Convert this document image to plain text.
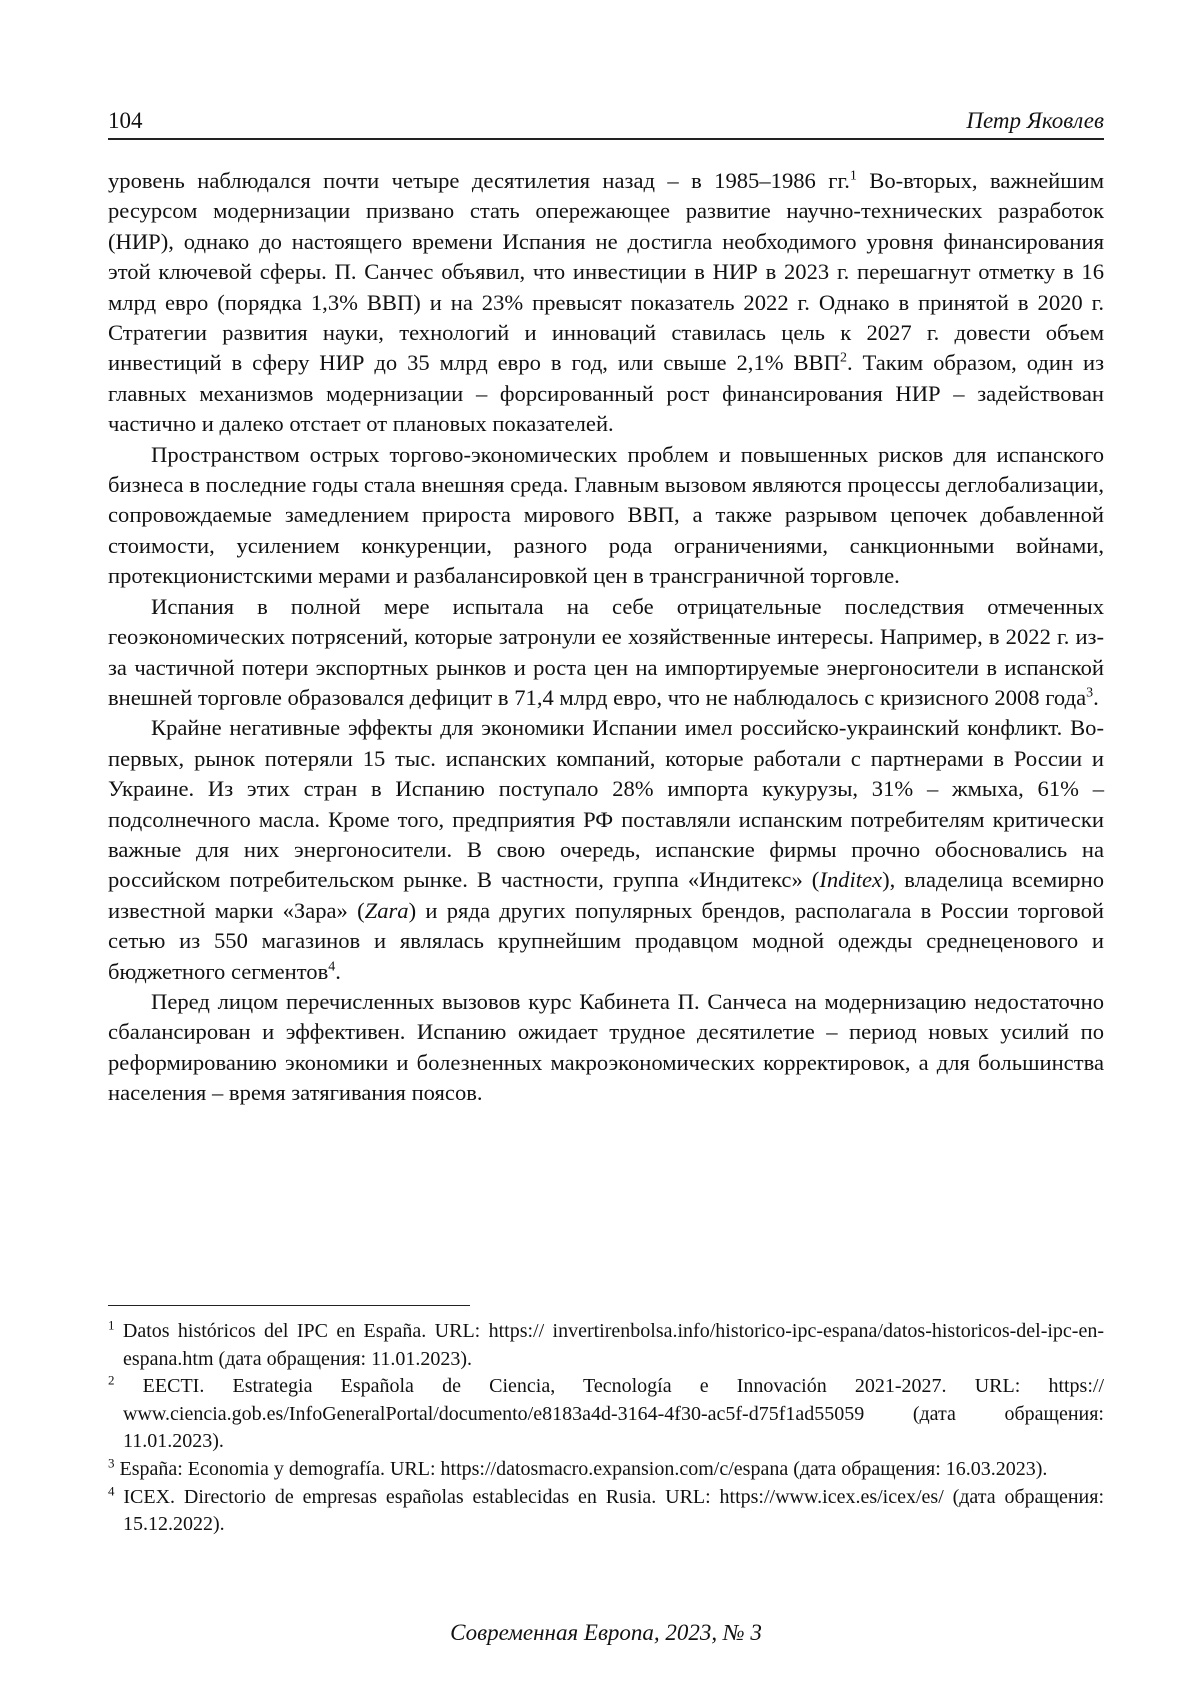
104	Петр Яковлев

уровень наблюдался почти четыре десятилетия назад – в 1985–1986 гг.$^1$ Во-вторых, важнейшим ресурсом модернизации призвано стать опережающее развитие научно-технических разработок (НИР), однако до настоящего времени Испания не достигла необходимого уровня финансирования этой ключевой сферы. П. Санчес объявил, что инвестиции в НИР в 2023 г. перешагнут отметку в 16 млрд евро (порядка 1,3% ВВП) и на 23% превысят показатель 2022 г. Однако в принятой в 2020 г. Стратегии развития науки, технологий и инноваций ставилась цель к 2027 г. довести объем инвестиций в сферу НИР до 35 млрд евро в год, или свыше 2,1% ВВП$^2$. Таким образом, один из главных механизмов модернизации – форсированный рост финансирования НИР – задействован частично и далеко отстает от плановых показателей.

Пространством острых торгово-экономических проблем и повышенных рисков для испанского бизнеса в последние годы стала внешняя среда. Главным вызовом являются процессы деглобализации, сопровождаемые замедлением прироста мирового ВВП, а также разрывом цепочек добавленной стоимости, усилением конкуренции, разного рода ограничениями, санкционными войнами, протекционистскими мерами и разбалансировкой цен в трансграничной торговле.

Испания в полной мере испытала на себе отрицательные последствия отмеченных геоэкономических потрясений, которые затронули ее хозяйственные интересы. Например, в 2022 г. из-за частичной потери экспортных рынков и роста цен на импортируемые энергоносители в испанской внешней торговле образовался дефицит в 71,4 млрд евро, что не наблюдалось с кризисного 2008 года$^3$.

Крайне негативные эффекты для экономики Испании имел российско-украинский конфликт. Во-первых, рынок потеряли 15 тыс. испанских компаний, которые работали с партнерами в России и Украине. Из этих стран в Испанию поступало 28% импорта кукурузы, 31% – жмыха, 61% – подсолнечного масла. Кроме того, предприятия РФ поставляли испанским потребителям критически важные для них энергоносители. В свою очередь, испанские фирмы прочно обосновались на российском потребительском рынке. В частности, группа «Индитекс» (Inditex), владелица всемирно известной марки «Зара» (Zara) и ряда других популярных брендов, располагала в России торговой сетью из 550 магазинов и являлась крупнейшим продавцом модной одежды среднеценового и бюджетного сегментов$^4$.

Перед лицом перечисленных вызовов курс Кабинета П. Санчеса на модернизацию недостаточно сбалансирован и эффективен. Испанию ожидает трудное десятилетие – период новых усилий по реформированию экономики и болезненных макроэкономических корректировок, а для большинства населения – время затягивания поясов.

$^1$ Datos históricos del IPC en España. URL: https:// invertirenbolsa.info/historico-ipc-espana/datos-historicos-del-ipc-en-espana.htm (дата обращения: 11.01.2023).

$^2$ EECTI. Estrategia Española de Ciencia, Tecnología e Innovación 2021-2027. URL: https:// www.ciencia.gob.es/InfoGeneralPortal/documento/e8183a4d-3164-4f30-ac5f-d75f1ad55059 (дата обращения: 11.01.2023).

$^3$ España: Economia y demografía. URL: https://datosmacro.expansion.com/c/espana (дата обращения: 16.03.2023).

$^4$ ICEX. Directorio de empresas españolas establecidas en Rusia. URL: https://www.icex.es/icex/es/ (дата обращения: 15.12.2022).

Современная Европа, 2023, № 3
